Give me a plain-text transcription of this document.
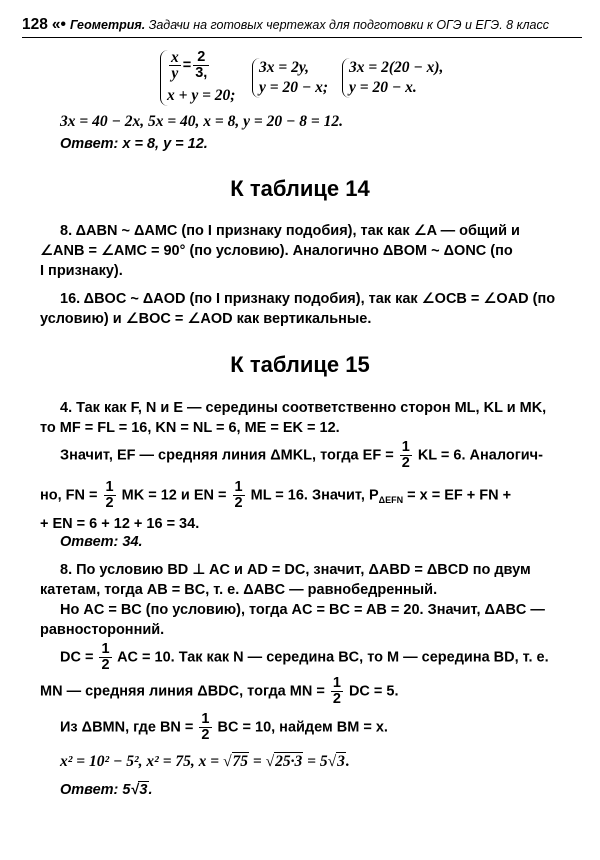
128 «• Геометрия. Задачи на готовых чертежах для подготовки к ОГЭ и ЕГЭ. 8 класс
$\frac{x}{y} = \frac{2}{3,}$
x + y = 20;
3x = 2y,
y = 20 − x;
3x = 2(20 − x),
y = 20 − x.
3x = 40 − 2x, 5x = 40, x = 8, y = 20 − 8 = 12.
Ответ: x = 8, y = 12.
К таблице 14
8. ΔABN ~ ΔAMC (по I признаку подобия), так как ∠A — общий и
∠ANB = ∠AMC = 90° (по условию). Аналогично ΔBOM ~ ΔONC (по
I признаку).
16. ΔBOC ~ ΔAOD (по I признаку подобия), так как ∠OCB = ∠OAD (по
условию) и ∠BOC = ∠AOD как вертикальные.
К таблице 15
4. Так как F, N и E — середины соответственно сторон ML, KL и MK,
то MF = FL = 16, KN = NL = 6, ME = EK = 12.
Значит, EF — средняя линия ΔMKL, тогда EF = $\frac{1}{2}$ KL = 6. Аналогич-
но, FN = $\frac{1}{2}$ MK = 12 и EN = $\frac{1}{2}$ ML = 16. Значит, $P_{\Delta EFN} = x$ = EF + FN +
+ EN = 6 + 12 + 16 = 34.
Ответ: 34.
8. По условию BD ⊥ AC и AD = DC, значит, ΔABD = ΔBCD по двум
катетам, тогда AB = BC, т. е. ΔABC — равнобедренный.
Но AC = BC (по условию), тогда AC = BC = AB = 20. Значит, ΔABC —
равносторонний.
DC = $\frac{1}{2}$ AC = 10. Так как N — середина BC, то M — середина BD, т. е.
MN — средняя линия ΔBDC, тогда MN = $\frac{1}{2}$ DC = 5.
Из ΔBMN, где BN = $\frac{1}{2}$ BC = 10, найдем BM = x.
x² = 10² − 5², x² = 75, x = √75 = √25·3 = 5√3.
Ответ: 5√3.
